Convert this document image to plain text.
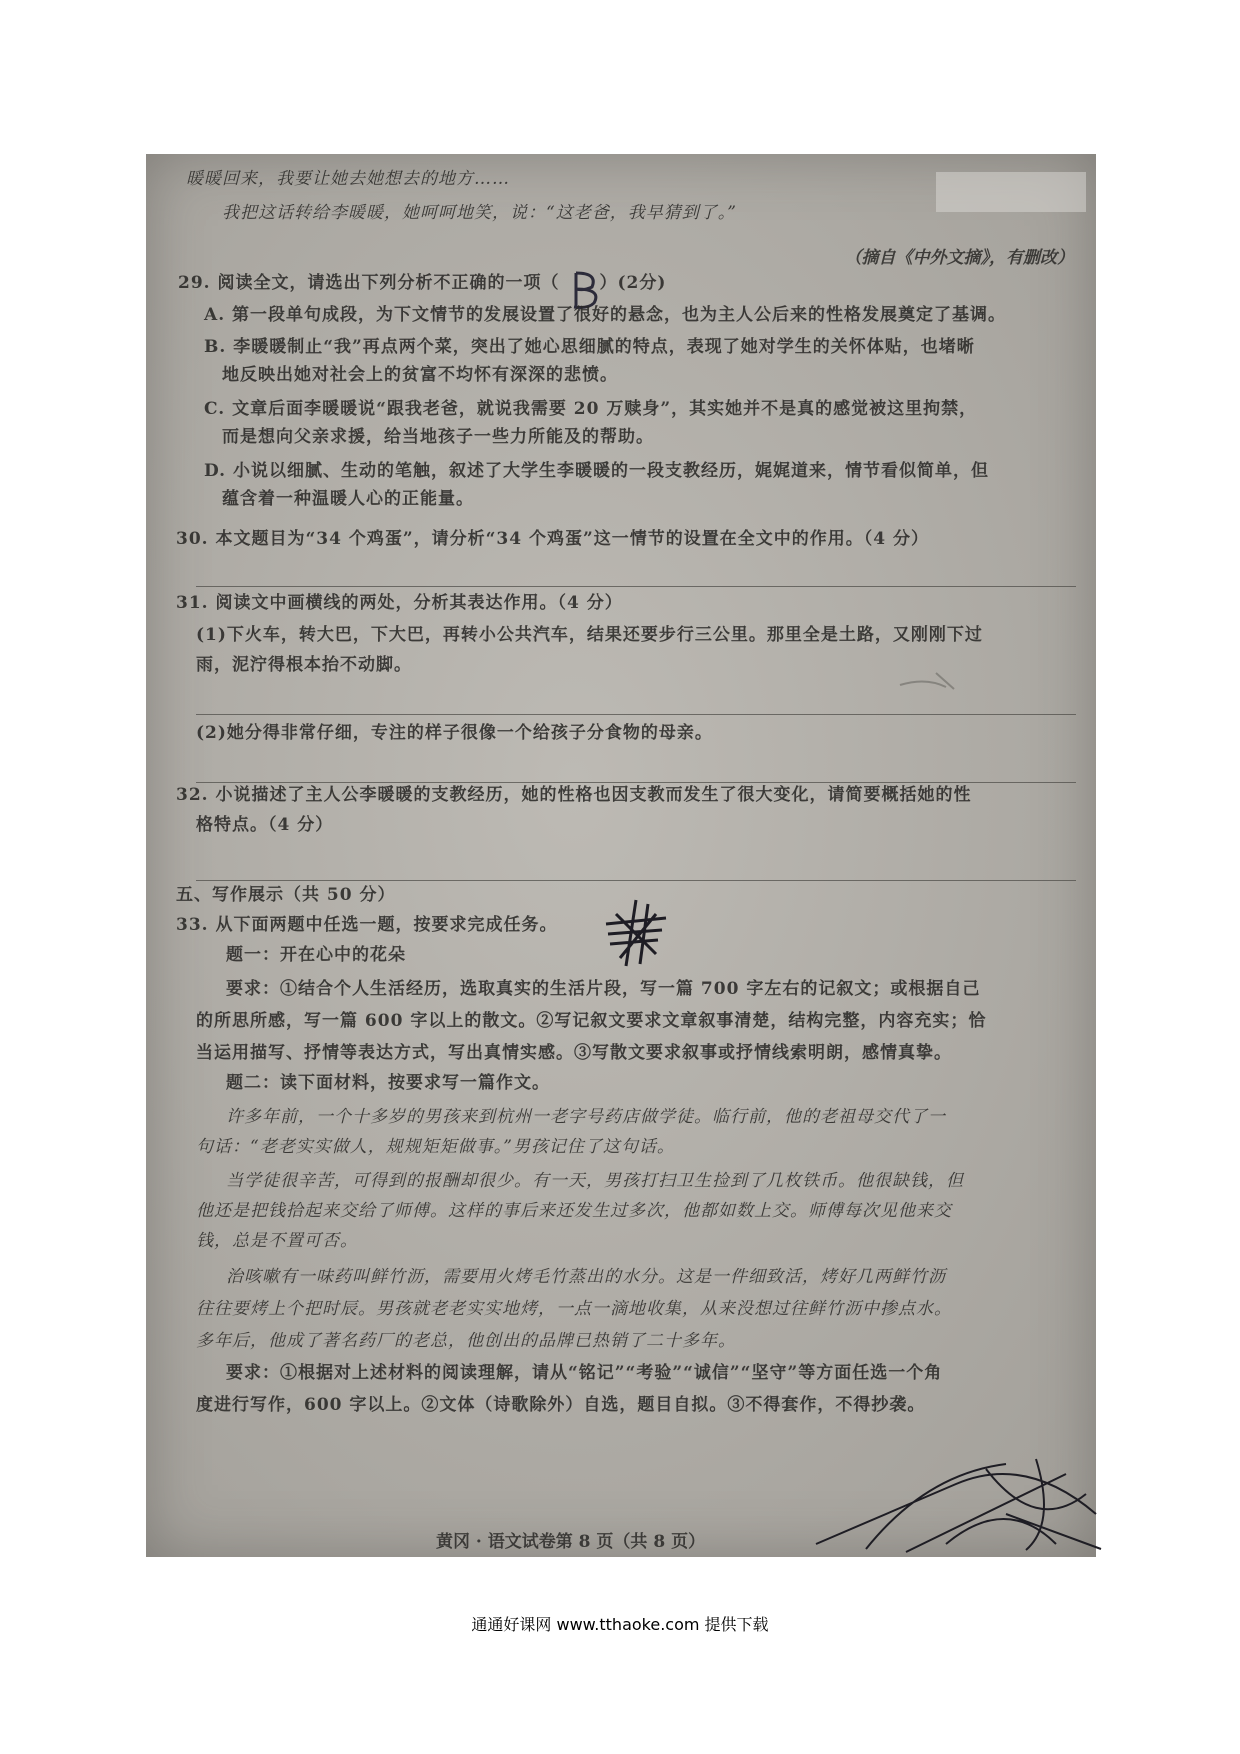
暖暖回来，我要让她去她想去的地方……
我把这话转给李暖暖，她呵呵地笑，说：“这老爸，我早猜到了。”
（摘自《中外文摘》，有删改）
29. 阅读全文，请选出下列分析不正确的一项（ ）(2分)
A. 第一段单句成段，为下文情节的发展设置了很好的悬念，也为主人公后来的性格发展奠定了基调。
B. 李暖暖制止“我”再点两个菜，突出了她心思细腻的特点，表现了她对学生的关怀体贴，也堵晰
地反映出她对社会上的贫富不均怀有深深的悲愤。
C. 文章后面李暖暖说“跟我老爸，就说我需要 20 万赎身”，其实她并不是真的感觉被这里拘禁，
而是想向父亲求援，给当地孩子一些力所能及的帮助。
D. 小说以细腻、生动的笔触，叙述了大学生李暖暖的一段支教经历，娓娓道来，情节看似简单，但
蕴含着一种温暖人心的正能量。
30. 本文题目为“34 个鸡蛋”，请分析“34 个鸡蛋”这一情节的设置在全文中的作用。（4 分）
31. 阅读文中画横线的两处，分析其表达作用。（4 分）
(1)下火车，转大巴，下大巴，再转小公共汽车，结果还要步行三公里。那里全是土路，又刚刚下过
雨，泥泞得根本抬不动脚。
(2)她分得非常仔细，专注的样子很像一个给孩子分食物的母亲。
32. 小说描述了主人公李暖暖的支教经历，她的性格也因支教而发生了很大变化，请简要概括她的性
格特点。（4 分）
五、写作展示（共 50 分）
33. 从下面两题中任选一题，按要求完成任务。
题一：开在心中的花朵
要求：①结合个人生活经历，选取真实的生活片段，写一篇 700 字左右的记叙文；或根据自己
的所思所感，写一篇 600 字以上的散文。②写记叙文要求文章叙事清楚，结构完整，内容充实；恰
当运用描写、抒情等表达方式，写出真情实感。③写散文要求叙事或抒情线索明朗，感情真挚。
题二：读下面材料，按要求写一篇作文。
许多年前，一个十多岁的男孩来到杭州一老字号药店做学徒。临行前，他的老祖母交代了一
句话：“老老实实做人，规规矩矩做事。”男孩记住了这句话。
当学徒很辛苦，可得到的报酬却很少。有一天，男孩打扫卫生捡到了几枚铁币。他很缺钱，但
他还是把钱拾起来交给了师傅。这样的事后来还发生过多次，他都如数上交。师傅每次见他来交
钱，总是不置可否。
治咳嗽有一味药叫鲜竹沥，需要用火烤毛竹蒸出的水分。这是一件细致活，烤好几两鲜竹沥
往往要烤上个把时辰。男孩就老老实实地烤，一点一滴地收集，从来没想过往鲜竹沥中掺点水。
多年后，他成了著名药厂的老总，他创出的品牌已热销了二十多年。
要求：①根据对上述材料的阅读理解，请从“铭记”“考验”“诚信”“坚守”等方面任选一个角
度进行写作，600 字以上。②文体（诗歌除外）自选，题目自拟。③不得套作，不得抄袭。
黄冈 · 语文试卷第 8 页（共 8 页）
通通好课网 www.tthaoke.com 提供下载
